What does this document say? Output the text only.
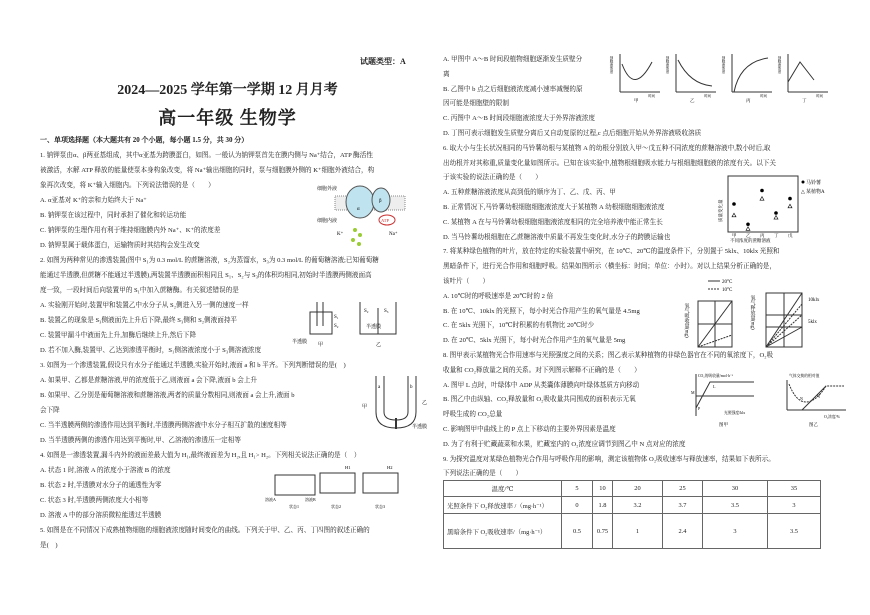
试题类型：A
2024—2025 学年第一学期 12 月月考
高一年级 生物学
一、单项选择题（本大题共有 20 个小题，每小题 1.5 分，共 30 分）
1. 钠钾泵由α、β两亚基组成，其中α亚基为跨膜蛋白，如图。一般认为钠钾泵首先在膜内侧与 Na⁺结合，ATP 酶活性
被激活，水解 ATP 释放的能量使泵本身构象改变，将 Na⁺输出细胞的同时，泵与细胞膜外侧的 K⁺细胞外液结合，构
象再次改变，将 K⁺输入细胞内。下列说法错误的是（　　）
A. α亚基对 K⁺的亲和力始终大于 Na⁺
B. 钠钾泵在该过程中，同时承担了催化和转运功能
C. 钠钾泵的生理作用有利于维持细胞膜内外 Na⁺、K⁺的浓度差
D. 钠钾泵属于载体蛋白，运输物质时其结构会发生改变
2. 如图为两种常见的渗透装置(图中 S₁为 0.3 mol/L 的蔗糖溶液，S₂为蒸馏水，S₃为 0.3 mol/L 的葡萄糖溶液;已知葡萄糖
能通过半透膜,但蔗糖不能通过半透膜),两装置半透膜面积相同且 S₁、S₂与 S₃的体积均相同,初始时半透膜两侧液面高
度一致，一段时间后向装置甲的 S₁中加入蔗糖酶。有关叙述错误的是
A. 实验刚开始时,装置甲和装置乙中水分子从 S₂侧进入另一侧的速度一样
B. 装置乙的现象是 S₃侧液面先上升后下降,最终 S₃侧和 S₂侧液面持平
C. 装置甲漏斗中液面先上升,加酶后继续上升,然后下降
D. 若不加入酶,装置甲、乙达到渗透平衡时，S₁侧溶液浓度小于 S₃侧溶液浓度
3. 如图为一个渗透装置,假设只有水分子能通过半透膜,实验开始时,液面 a 和 b 平齐。下列判断错误的是(　)
A. 如果甲、乙都是蔗糖溶液,甲的浓度低于乙,则液面 a 会下降,液面 b 会上升
B. 如果甲、乙分别是葡萄糖溶液和蔗糖溶液,两者的质量分数相同,则液面 a 会上升,液面 b
会下降
C. 当半透膜两侧的渗透作用达到平衡时,半透膜两侧溶液中水分子相互扩散的速度相等
D. 当半透膜两侧的渗透作用达到平衡时,甲、乙溶液的渗透压一定相等
4. 如图是一渗透装置,漏斗内外的液面差最大值为 H₁,最终液面差为 H₂,且 H₁> H₂。下列相关说法正确的是（　）
A. 状态 1 时,溶液 A 的浓度小于溶液 B 的浓度
B. 状态 2 时,半透膜对水分子的通透性为零
C. 状态 3 时,半透膜两侧浓度大小相等
D. 溶液 A 中的部分溶质微粒能透过半透膜
5. 如图是在不同情况下成熟植物细胞的细胞液浓度随时间变化的曲线。下列关于甲、乙、丙、丁四图的叙述正确的
是(　)
A. 甲图中 A～B 时间段植物细胞逐渐发生质壁分
离
B. 乙图中 b 点之后细胞液浓度减小速率减慢的原
因可能是细胞壁的限制
C. 丙图中 A～B 时间段细胞液浓度大于外界溶液浓度
D. 丁图可表示细胞发生质壁分离后又自动复原的过程,c 点后细胞开始从外界溶液吸收溶质
6. 取大小与生长状况相同的马铃薯幼根与某植物 A 的幼根分别放入甲～戊五种不同浓度的蔗糖溶液中,数小时后,取
出幼根并对其称重,质量变化量如图所示。已知在该实验中,植物根细胞吸水能力与根细胞细胞液的浓度有关。以下关
于该实验的说法正确的是（　　）
A. 五种蔗糖溶液浓度从高到低的顺序为丁、乙、戊、丙、甲
B. 正常情况下,马铃薯幼根细胞细胞液浓度大于某植物 A 幼根细胞细胞液浓度
C. 某植物 A 在与马铃薯幼根细胞细胞液浓度相同的完全培养液中能正常生长
D. 当马铃薯幼根细胞在乙蔗糖溶液中质量不再发生变化时,水分子的跨膜运输也
7. 将某种绿色植物的叶片，放在特定的实验装置中研究，在 10℃、20℃的温度条件下，分别置于 5klx、10klx 光照和
黑暗条件下，进行光合作用和细胞呼吸。结果如图所示（横坐标：时间；单位：小时）。对以上结果分析正确的是，
该叶片（　　）
A. 10℃时的呼吸速率是 20℃时的 2 倍
B. 在 10℃、10klx 的光照下，每小时光合作用产生的氧气量是 4.5mg
C. 在 5klx 光照下，10℃时积累的有机物比 20℃时少
D. 在 20℃、5klx 光照下，每小时光合作用产生的氧气量是 5mg
8. 图甲表示某植物光合作用速率与光照强度之间的关系；图乙表示某种植物的非绿色器官在不同的氧浓度下，O₂吸
收量和 CO₂释放量之间的关系。对下列图示解释不正确的是（　　）
A. 图甲 L 点时，叶绿体中 ADP 从类囊体薄膜向叶绿体基质方向移动
B. 图乙中由纵轴、CO₂释放量和 O₂吸收量共同围成的面积表示无氧
呼吸生成的 CO₂总量
C. 影响图甲中曲线上的 P 点上下移动的主要外界因素是温度
D. 为了有利于贮藏蔬菜和水果，贮藏室内的 O₂浓度应调节到图乙中 N 点对应的浓度
9. 为探究温度对某绿色植物光合作用与呼吸作用的影响，测定该植物体 O₂吸收速率与释放速率，结果如下表所示。
下列说法正确的是（　　）
细胞外液
细胞内液
α
β
ATP
K⁺	Na⁺
S₁
S₂
半透膜
甲
S₂	S₃
半透膜
乙
a	b
甲
乙
半透膜
H1	H2
溶液A	溶液B
状态1	状态2	状态3
细胞液浓度
时间
甲
细胞液浓度
时间
乙
细胞液浓度
时间
丙
细胞液浓度
时间
丁
质量变化量
不同浓度的蔗糖溶液
马铃薯
△ 某植物A
甲 乙 丙 丁 戊
20°C
10°C
氧气吸收量(mg)	氧气释放量(mg)	10klx
5klx
CO₂的吸收量/mol·h⁻¹
光照强度/klx
L
M
P
图甲
气体交换的相对值
O₂浓度/%
N
Q
图乙
温度/℃	5	10	20	25	30	35
光照条件下 O₂释放速率 /（mg·h⁻¹）	0	1.8	3.2	3.7	3.5	3
黑暗条件下 O₂吸收速率/（mg·h⁻¹）	0.5	0.75	1	2.4	3	3.5
